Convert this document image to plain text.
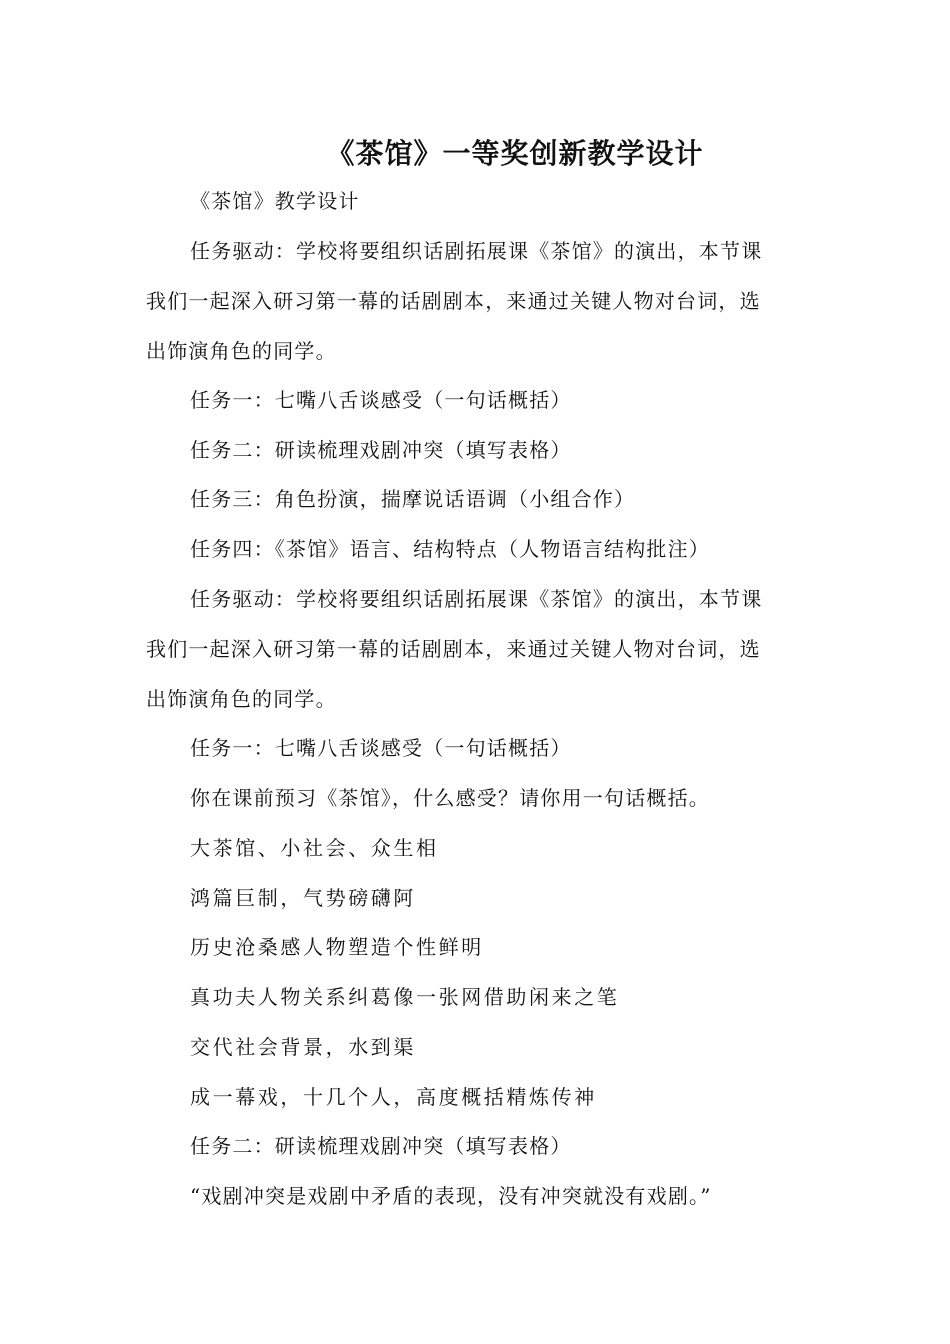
《茶馆》一等奖创新教学设计
《茶馆》教学设计
任务驱动：学校将要组织话剧拓展课《茶馆》的演出，本节课
我们一起深入研习第一幕的话剧剧本，来通过关键人物对台词，选
出饰演角色的同学。
任务一：七嘴八舌谈感受（一句话概括）
任务二：研读梳理戏剧冲突（填写表格）
任务三：角色扮演，揣摩说话语调（小组合作）
任务四：《茶馆》语言、结构特点（人物语言结构批注）
任务驱动：学校将要组织话剧拓展课《茶馆》的演出，本节课
我们一起深入研习第一幕的话剧剧本，来通过关键人物对台词，选
出饰演角色的同学。
任务一：七嘴八舌谈感受（一句话概括）
你在课前预习《茶馆》，什么感受？请你用一句话概括。
大茶馆、小社会、众生相
鸿篇巨制，气势磅礴阿
历史沧桑感人物塑造个性鲜明
真功夫人物关系纠葛像一张网借助闲来之笔
交代社会背景，水到渠
成一幕戏，十几个人，高度概括精炼传神
任务二：研读梳理戏剧冲突（填写表格）
“戏剧冲突是戏剧中矛盾的表现，没有冲突就没有戏剧。”
